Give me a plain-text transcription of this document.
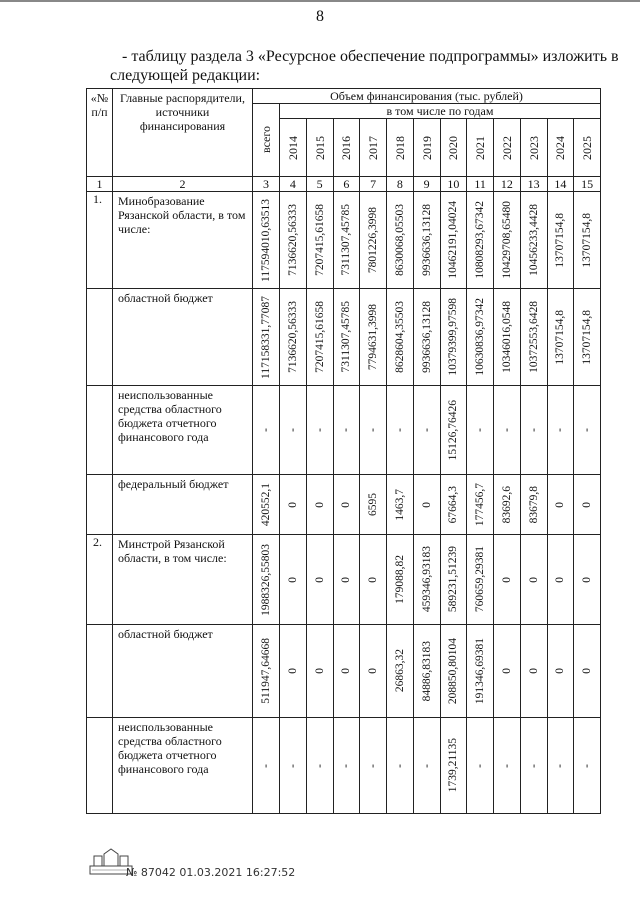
8
- таблицу раздела 3 «Ресурсное обеспечение подпрограммы» изложить в
следующей редакции:
«№ п/п	Главные распорядители, источники финансирования	Объем финансирования (тыс. рублей)												

		всего	в том числе по годам											

			2014	2015	2016	2017	2018	2019	2020	2021	2022	2023	2024	2025

1	2	3	4	5	6	7	8	9	10	11	12	13	14	15
1.	Минобразование Рязанской области, в том числе:	117594010,63513	7136620,56333	7207415,61658	7311307,45785	7801226,3998	8630068,05503	9936636,13128	10462191,04024	10808293,67342	10429708,65480	10456233,4428	13707154,8	13707154,8

	областной бюджет	117158331,77087	7136620,56333	7207415,61658	7311307,45785	7794631,3998	8628604,35503	9936636,13128	10379399,97598	10630836,97342	10346016,0548	10372553,6428	13707154,8	13707154,8

	неиспользованные средства областного бюджета отчетного финансового года	-	-	-	-	-	-	-	15126,76426	-	-	-	-	-

	федеральный бюджет	420552,1	0	0	0	6595	1463,7	0	67664,3	177456,7	83692,6	83679,8	0	0

2.	Минстрой Рязанской области, в том числе:	1988326,55803	0	0	0	0	179088,82	459346,93183	589231,51239	760659,29381	0	0	0	0

	областной бюджет	511947,64668	0	0	0	0	26863,32	84886,83183	208850,80104	191346,69381	0	0	0	0

	неиспользованные средства областного бюджета отчетного финансового года	-	-	-	-	-	-	-	1739,21135	-	-	-	-	-
№ 87042 01.03.2021 16:27:52
